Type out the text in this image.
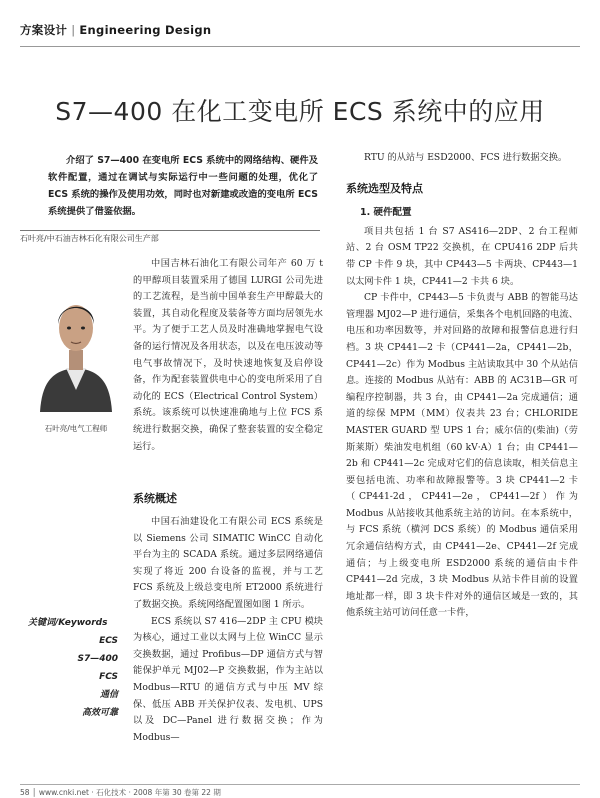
方案设计 | Engineering Design
S7—400 在化工变电所 ECS 系统中的应用
介绍了 S7—400 在变电所 ECS 系统中的网络结构、硬件及软件配置，通过在调试与实际运行中一些问题的处理，优化了 ECS 系统的操作及使用功效，同时也对新建或改造的变电所 ECS 系统提供了借鉴依据。
石叶亮/中石油吉林石化有限公司生产部
石叶亮/电气工程师

中国吉林石油化工有限公司年产 60 万 t 的甲醇项目装置采用了德国 LURGI 公司先进的工艺流程，是当前中国单套生产甲醇最大的装置，其自动化程度及装备等方面均居领先水平。为了便于工艺人员及时准确地掌握电气设备的运行情况及各用状态，以及在电压波动等电气事故情况下，及时快速地恢复及启停设备，作为配套装置供电中心的变电所采用了自动化的 ECS（Electrical Control System）系统。该系统可以快速准确地与上位 FCS 系统进行数据交换，确保了整套装置的安全稳定运行。

系统概述

中国石油建设化工有限公司 ECS 系统是以 Siemens 公司 SIMATIC WinCC 自动化平台为主的 SCADA 系统。通过多层网络通信实现了将近 200 台设备的监视，并与工艺 FCS 系统及上级总变电所 ET2000 系统进行了数据交换。系统网络配置图如图 1 所示。

ECS 系统以 S7 416—2DP 主 CPU 模块为核心，通过工业以太网与上位 WinCC 显示交换数据，通过 Profibus—DP 通信方式与智能保护单元 MJ02—P 交换数据，作为主站以 Modbus—RTU 的通信方式与中压 MV 综保、低压 ABB 开关保护仪表、发电机、UPS 以及 DC—Panel 进行数据交换；作为 Modbus—

关键词/Keywords
ECS
S7—400
FCS
通信
高效可靠

RTU 的从站与 ESD2000、FCS 进行数据交换。

系统选型及特点
1. 硬件配置

项目共包括 1 台 S7 AS416—2DP、2 台工程师站、2 台 OSM TP22 交换机，在 CPU416 2DP 后共带 CP 卡件 9 块，其中 CP443—5 卡两块、CP443—1 以太网卡件 1 块，CP441—2 卡共 6 块。

CP 卡件中，CP443—5 卡负责与 ABB 的智能马达管理器 MJ02—P 进行通信，采集各个电机回路的电流、电压和功率因数等，并对回路的故障和报警信息进行归档。3 块 CP441—2 卡（CP441—2a，CP441—2b，CP441—2c）作为 Modbus 主站读取其中 30 个从站信息。连接的 Modbus 从站有：ABB 的 AC31B—GR 可编程序控制器，共 3 台，由 CP441—2a 完成通信；通道的综保 MPM（MM）仪表共 23 台；CHLORIDE MASTER GUARD 型 UPS 1 台；威尔信的(柴油)（劳斯莱斯）柴油发电机组（60 kV·A）1 台；由 CP441—2b 和 CP441—2c 完成对它们的信息读取，相关信息主要包括电流、功率和故障报警等。3 块 CP441—2 卡（CP441-2d，CP441—2e，CP441—2f）作为 Modbus 从站接收其他系统主站的访问。在本系统中，与 FCS 系统（横河 DCS 系统）的 Modbus 通信采用冗余通信结构方式，由 CP441—2e、CP441—2f 完成通信；与上级变电所 ESD2000 系统的通信由卡件 CP441—2d 完成，3 块 Modbus 从站卡件目前的设置地址都一样，即 3 块卡件对外的通信区域是一致的，其他系统主站可访问任意一卡件，

58 │ www.cnki.net · 石化技术 · 2008 年第 30 卷第 22 期
